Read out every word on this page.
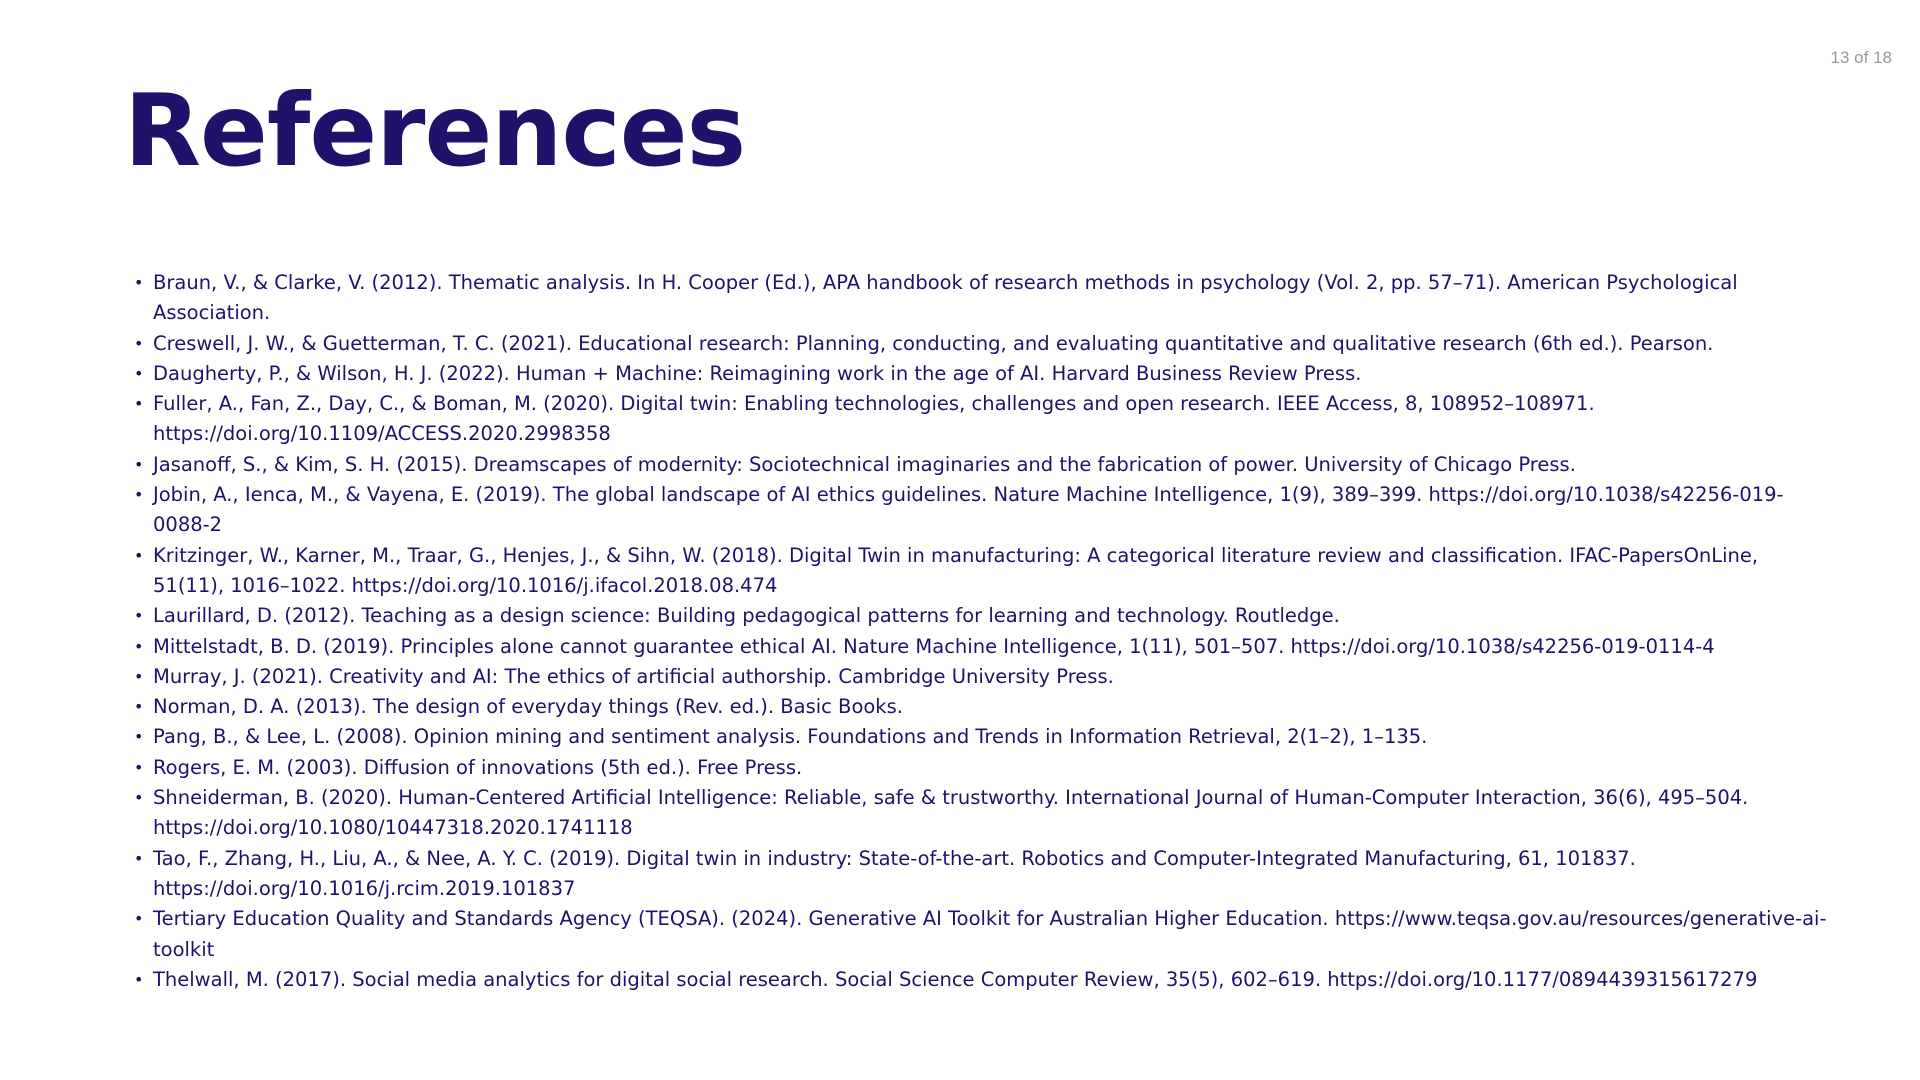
13 of 18
References
• Braun, V., & Clarke, V. (2012). Thematic analysis. In H. Cooper (Ed.), APA handbook of research methods in psychology (Vol. 2, pp. 57–71). American Psychological Association.
• Creswell, J. W., & Guetterman, T. C. (2021). Educational research: Planning, conducting, and evaluating quantitative and qualitative research (6th ed.). Pearson.
• Daugherty, P., & Wilson, H. J. (2022). Human + Machine: Reimagining work in the age of AI. Harvard Business Review Press.
• Fuller, A., Fan, Z., Day, C., & Boman, M. (2020). Digital twin: Enabling technologies, challenges and open research. IEEE Access, 8, 108952–108971. https://doi.org/10.1109/ACCESS.2020.2998358
• Jasanoff, S., & Kim, S. H. (2015). Dreamscapes of modernity: Sociotechnical imaginaries and the fabrication of power. University of Chicago Press.
• Jobin, A., Ienca, M., & Vayena, E. (2019). The global landscape of AI ethics guidelines. Nature Machine Intelligence, 1(9), 389–399. https://doi.org/10.1038/s42256-019-0088-2
• Kritzinger, W., Karner, M., Traar, G., Henjes, J., & Sihn, W. (2018). Digital Twin in manufacturing: A categorical literature review and classification. IFAC-PapersOnLine, 51(11), 1016–1022. https://doi.org/10.1016/j.ifacol.2018.08.474
• Laurillard, D. (2012). Teaching as a design science: Building pedagogical patterns for learning and technology. Routledge.
• Mittelstadt, B. D. (2019). Principles alone cannot guarantee ethical AI. Nature Machine Intelligence, 1(11), 501–507. https://doi.org/10.1038/s42256-019-0114-4
• Murray, J. (2021). Creativity and AI: The ethics of artificial authorship. Cambridge University Press.
• Norman, D. A. (2013). The design of everyday things (Rev. ed.). Basic Books.
• Pang, B., & Lee, L. (2008). Opinion mining and sentiment analysis. Foundations and Trends in Information Retrieval, 2(1–2), 1–135.
• Rogers, E. M. (2003). Diffusion of innovations (5th ed.). Free Press.
• Shneiderman, B. (2020). Human-Centered Artificial Intelligence: Reliable, safe & trustworthy. International Journal of Human-Computer Interaction, 36(6), 495–504. https://doi.org/10.1080/10447318.2020.1741118
• Tao, F., Zhang, H., Liu, A., & Nee, A. Y. C. (2019). Digital twin in industry: State-of-the-art. Robotics and Computer-Integrated Manufacturing, 61, 101837. https://doi.org/10.1016/j.rcim.2019.101837
• Tertiary Education Quality and Standards Agency (TEQSA). (2024). Generative AI Toolkit for Australian Higher Education. https://www.teqsa.gov.au/resources/generative-ai-toolkit
• Thelwall, M. (2017). Social media analytics for digital social research. Social Science Computer Review, 35(5), 602–619. https://doi.org/10.1177/0894439315617279
